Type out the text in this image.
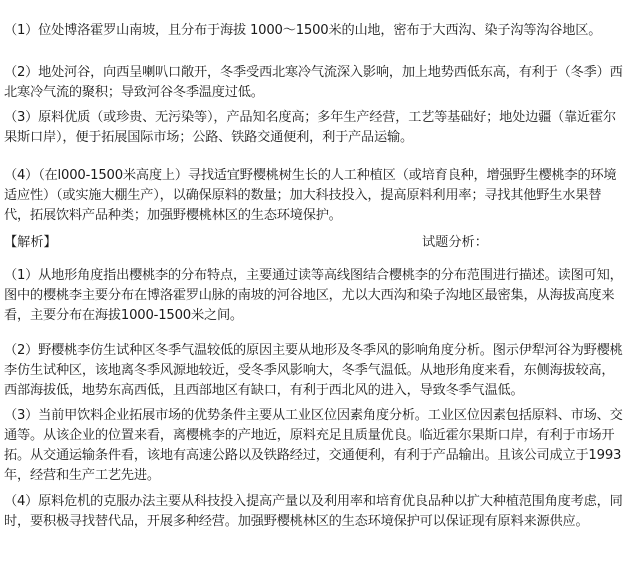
（1）位处博洛霍罗山南坡，且分布于海拔 1000～1500米的山地，密布于大西沟、染子沟等沟谷地区。

（2）地处河谷，向西呈喇叭口敞开，冬季受西北寒冷气流深入影响，加上地势西低东高，有利于（冬季）西北寒冷气流的聚积；导致河谷冬季温度过低。

（3）原料优质（或珍贵、无污染等），产品知名度高；多年生产经营，工艺等基础好；地处边疆（靠近霍尔果斯口岸），便于拓展国际市场；公路、铁路交通便利，利于产品运输。

（4）（在l000-1500米高度上）寻找适宜野樱桃树生长的人工种植区（或培育良种，增强野生樱桃李的环境适应性）（或实施大棚生产），以确保原料的数量；加大科技投入，提高原料利用率；寻找其他野生水果替代，拓展饮料产品种类；加强野樱桃林区的生态环境保护。

【解析】	试题分析：

（1）从地形角度指出樱桃李的分布特点，主要通过读等高线图结合樱桃李的分布范围进行描述。读图可知，图中的樱桃李主要分布在博洛霍罗山脉的南坡的河谷地区，尤以大西沟和染子沟地区最密集，从海拔高度来看，主要分布在海拔1000-1500米之间。

（2）野樱桃李仿生试种区冬季气温较低的原因主要从地形及冬季风的影响角度分析。图示伊犁河谷为野樱桃李仿生试种区，该地离冬季风源地较近，受冬季风影响大，冬季气温低。从地形角度来看，东侧海拔较高，西部海拔低，地势东高西低，且西部地区有缺口，有利于西北风的进入，导致冬季气温低。

（3）当前甲饮料企业拓展市场的优势条件主要从工业区位因素角度分析。工业区位因素包括原料、市场、交通等。从该企业的位置来看，离樱桃李的产地近，原料充足且质量优良。临近霍尔果斯口岸，有利于市场开拓。从交通运输条件看，该地有高速公路以及铁路经过，交通便利，有利于产品输出。且该公司成立于1993年，经营和生产工艺先进。

（4）原料危机的克服办法主要从科技投入提高产量以及利用率和培育优良品种以扩大种植范围角度考虑，同时，要积极寻找替代品，开展多种经营。加强野樱桃林区的生态环境保护可以保证现有原料来源供应。
